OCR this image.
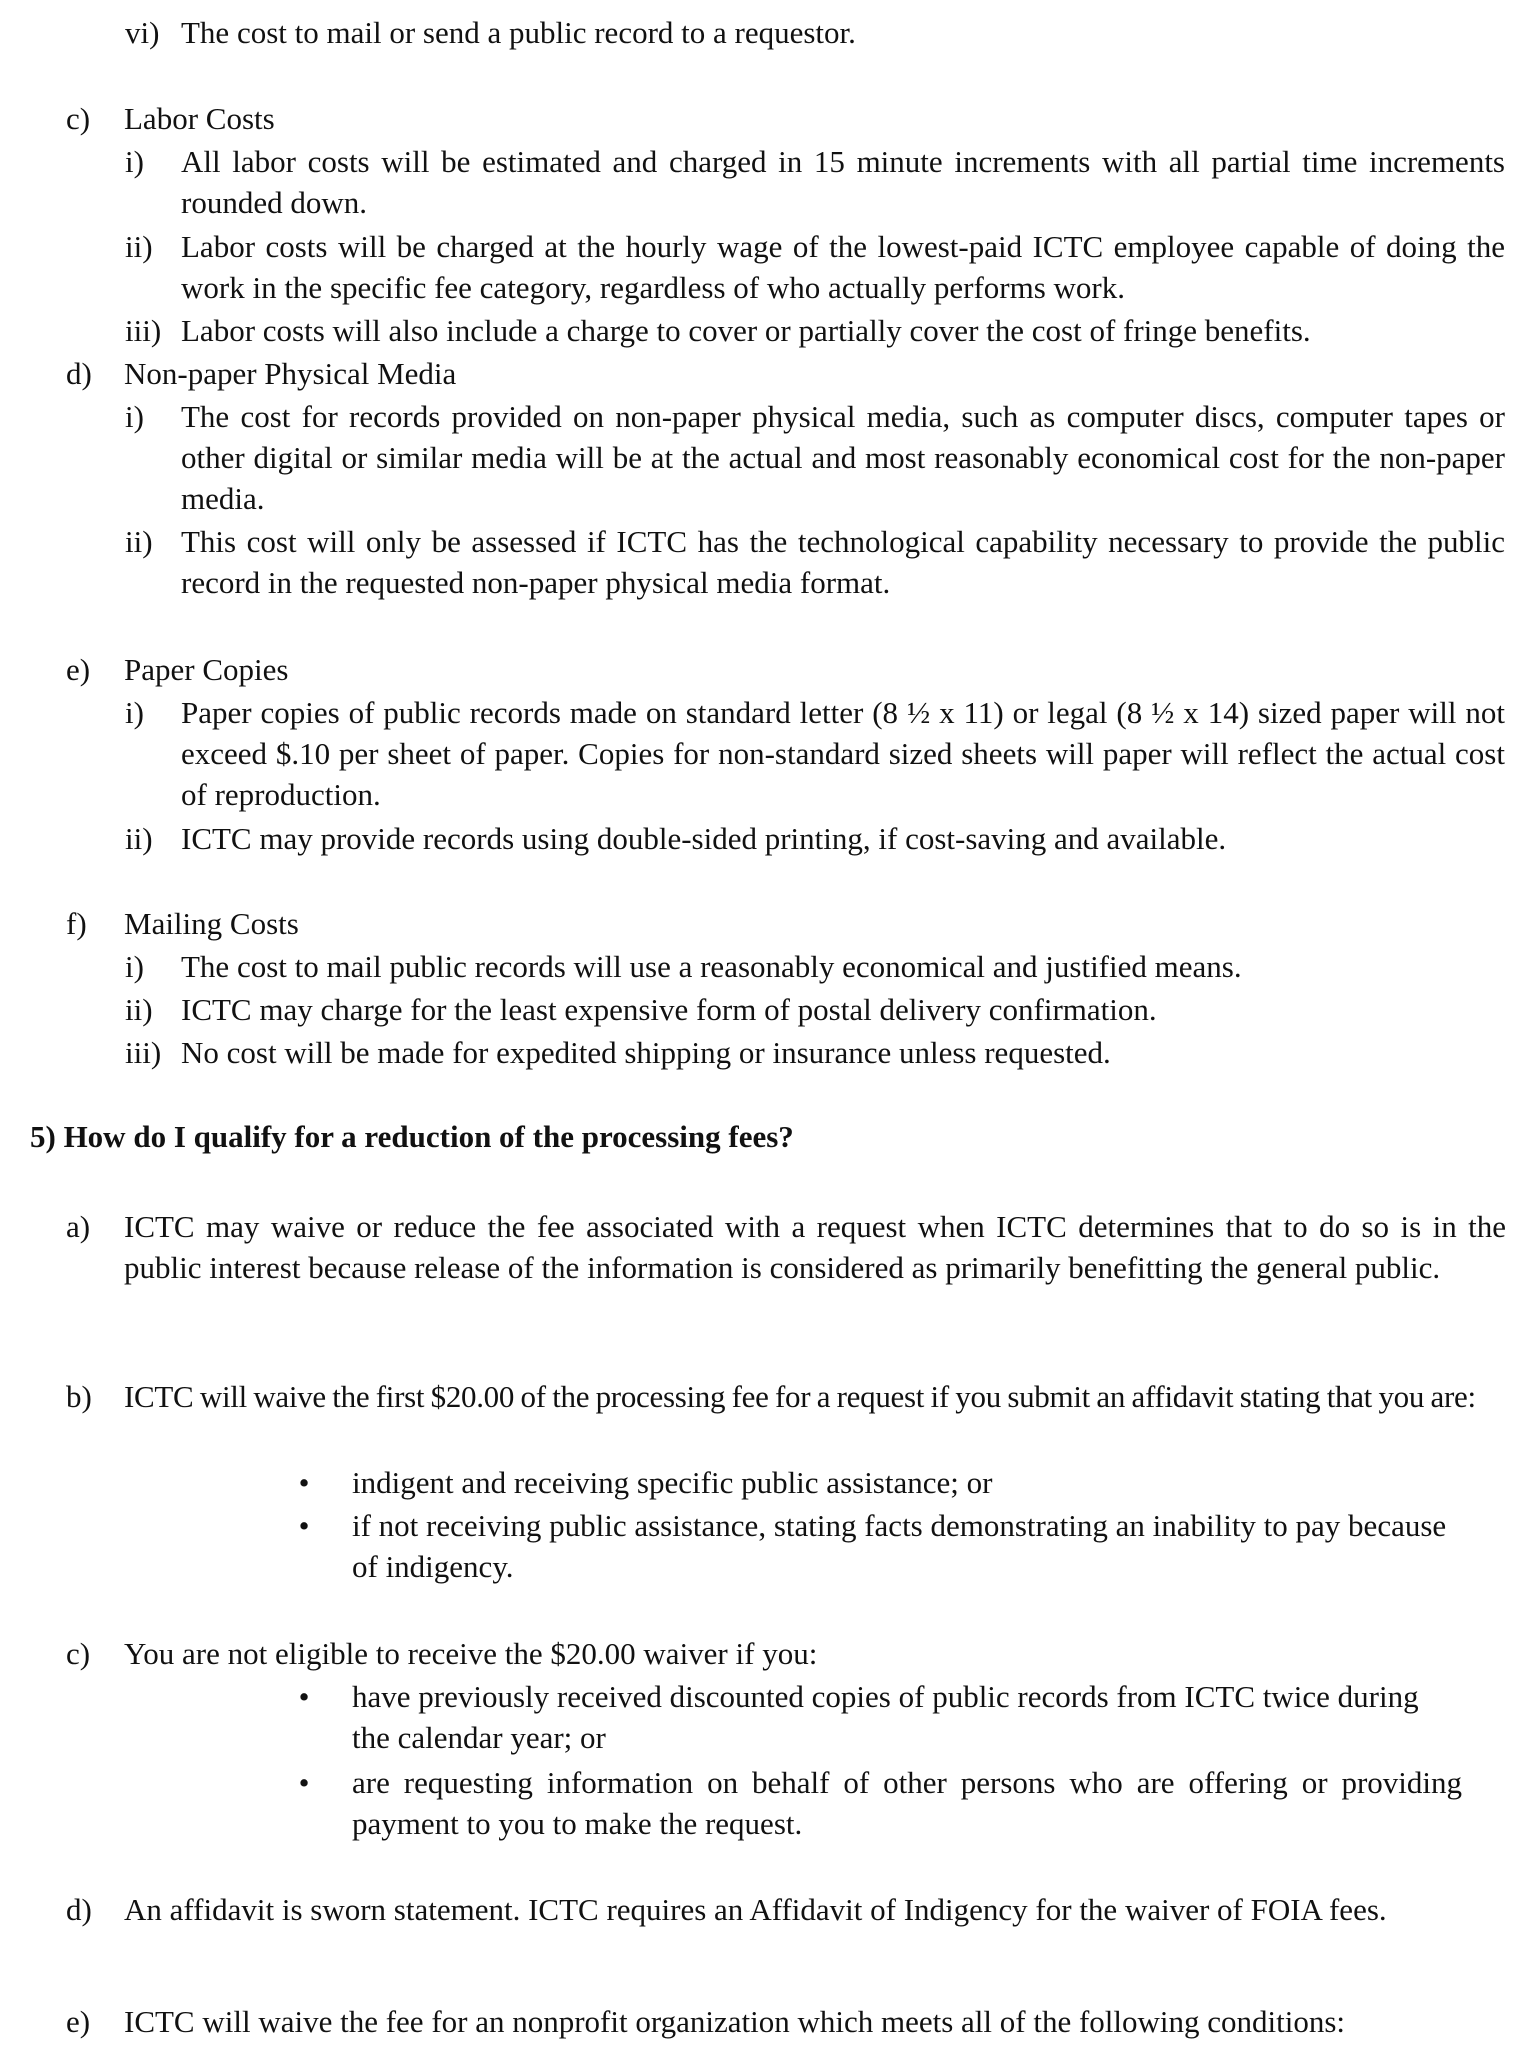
vi) The cost to mail or send a public record to a requestor.
c)	Labor Costs
i)	All labor costs will be estimated and charged in 15 minute increments with all partial time increments rounded down.
ii) Labor costs will be charged at the hourly wage of the lowest-paid ICTC employee capable of doing the work in the specific fee category, regardless of who actually performs work.
iii) Labor costs will also include a charge to cover or partially cover the cost of fringe benefits.
d)	Non-paper Physical Media
i)	The cost for records provided on non-paper physical media, such as computer discs, computer tapes or other digital or similar media will be at the actual and most reasonably economical cost for the non-paper media.
ii) This cost will only be assessed if ICTC has the technological capability necessary to provide the public record in the requested non-paper physical media format.
e)	Paper Copies
i)	Paper copies of public records made on standard letter (8 ½ x 11) or legal (8 ½ x 14) sized paper will not exceed $.10 per sheet of paper. Copies for non-standard sized sheets will paper will reflect the actual cost of reproduction.
ii) ICTC may provide records using double-sided printing, if cost-saving and available.
f)	Mailing Costs
i)	The cost to mail public records will use a reasonably economical and justified means.
ii) ICTC may charge for the least expensive form of postal delivery confirmation.
iii) No cost will be made for expedited shipping or insurance unless requested.
5) How do I qualify for a reduction of the processing fees?
a)	ICTC may waive or reduce the fee associated with a request when ICTC determines that to do so is in the public interest because release of the information is considered as primarily benefitting the general public.
b)	ICTC will waive the first $20.00 of the processing fee for a request if you submit an affidavit stating that you are:
• indigent and receiving specific public assistance; or
• if not receiving public assistance, stating facts demonstrating an inability to pay because of indigency.
c)	You are not eligible to receive the $20.00 waiver if you:
• have previously received discounted copies of public records from ICTC twice during the calendar year; or
• are requesting information on behalf of other persons who are offering or providing payment to you to make the request.
d)	An affidavit is sworn statement. ICTC requires an Affidavit of Indigency for the waiver of FOIA fees.
e)	ICTC will waive the fee for an nonprofit organization which meets all of the following conditions:
